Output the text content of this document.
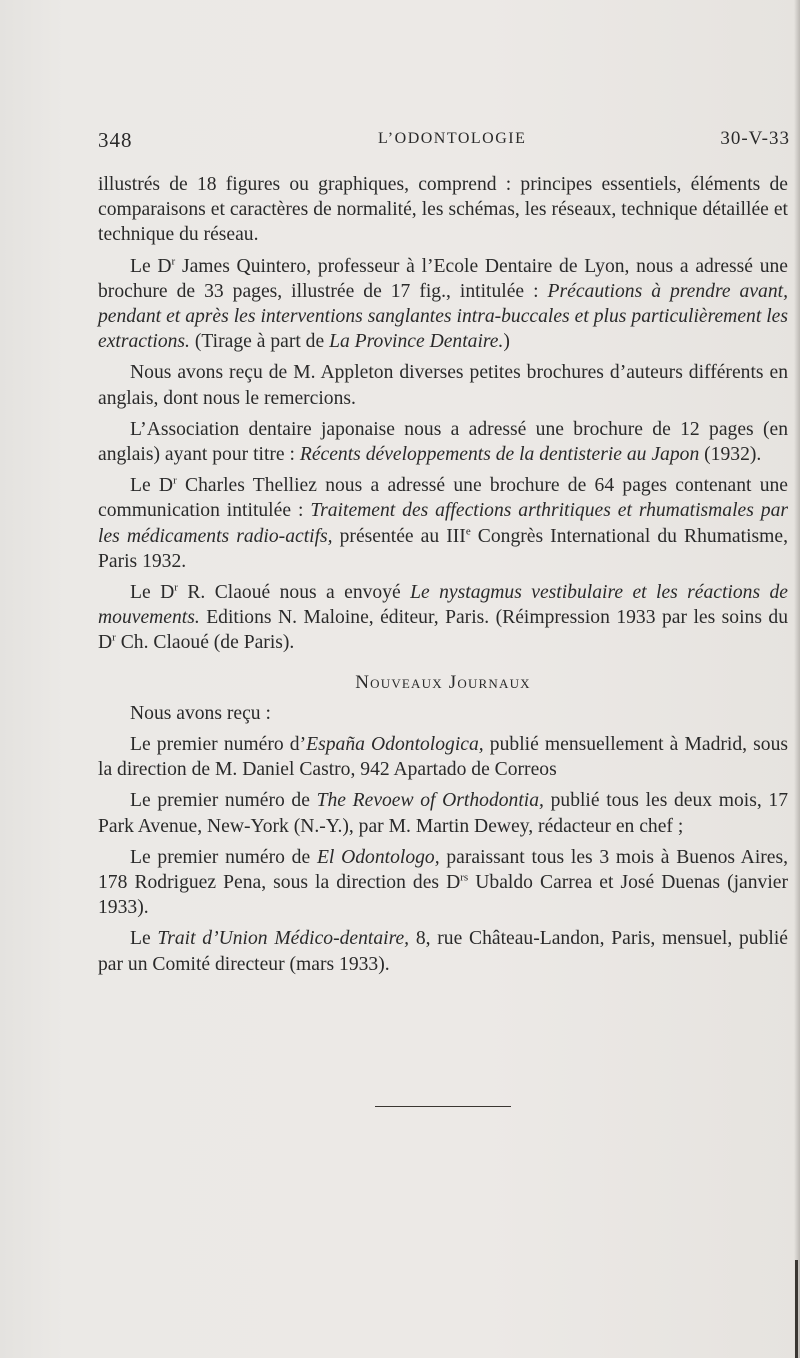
348	L’ODONTOLOGIE	30-V-33

illustrés de 18 figures ou graphiques, comprend : principes essentiels, éléments de comparaisons et caractères de normalité, les schémas, les réseaux, technique détaillée et technique du réseau.

Le $D^r$ James Quintero, professeur à l’Ecole Dentaire de Lyon, nous a adressé une brochure de 33 pages, illustrée de 17 fig., intitulée : Précautions à prendre avant, pendant et après les interventions sanglantes intra-buccales et plus particulièrement les extractions. (Tirage à part de La Province Dentaire.)

Nous avons reçu de M. Appleton diverses petites brochures d’auteurs différents en anglais, dont nous le remercions.

L’Association dentaire japonaise nous a adressé une brochure de 12 pages (en anglais) ayant pour titre : Récents développements de la dentisterie au Japon (1932).

Le $D^r$ Charles Thelliez nous a adressé une brochure de 64 pages contenant une communication intitulée : Traitement des affections arthritiques et rhumatismales par les médicaments radio-actifs, présentée au IIIe Congrès International du Rhumatisme, Paris 1932.

Le $D^r$ R. Claoué nous a envoyé Le nystagmus vestibulaire et les réactions de mouvements. Editions N. Maloine, éditeur, Paris. (Réimpression 1933 par les soins du $D^r$ Ch. Claoué (de Paris).

Nouveaux Journaux

Nous avons reçu :

Le premier numéro d’España Odontologica, publié mensuellement à Madrid, sous la direction de M. Daniel Castro, 942 Apartado de Correos

Le premier numéro de The Revoew of Orthodontia, publié tous les deux mois, 17 Park Avenue, New-York (N.-Y.), par M. Martin Dewey, rédacteur en chef ;

Le premier numéro de El Odontologo, paraissant tous les 3 mois à Buenos Aires, 178 Rodriguez Pena, sous la direction des $D^{rs}$ Ubaldo Carrea et José Duenas (janvier 1933).

Le Trait d’Union Médico-dentaire, 8, rue Château-Landon, Paris, mensuel, publié par un Comité directeur (mars 1933).
